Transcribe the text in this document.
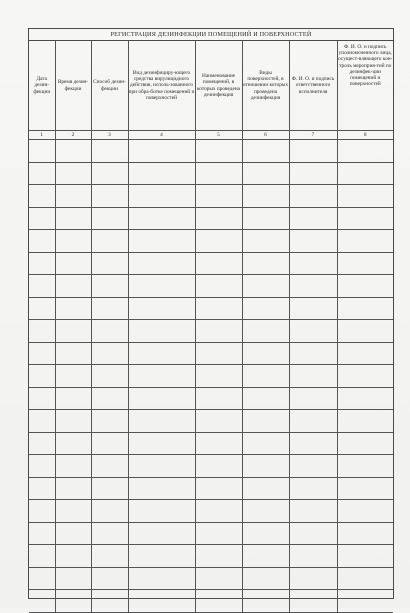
РЕГИСТРАЦИЯ ДЕЗИНФЕКЦИИ ПОМЕЩЕНИЙ И ПОВЕРХНОСТЕЙ
Дата дезин-фекции	Время дезин-фекции	Способ дезин-фекции	Вид дезинфициру-ющего средства вирулицидного действия, исполь-зованного при обра-ботке помещений и поверхностей	Наименование помещений, в которых проведена дезинфекция	Виды поверхностей, в отношении которых проведена дезинфекция	Ф. И. О. и подпись ответственного исполнителя	Ф. И. О. и подпись уполномоченного лица, осущест-вляющего кон-троль мероприя-тий по дезинфек-ции помещений и поверхностей
1	2	3	4	5	6	7	8
